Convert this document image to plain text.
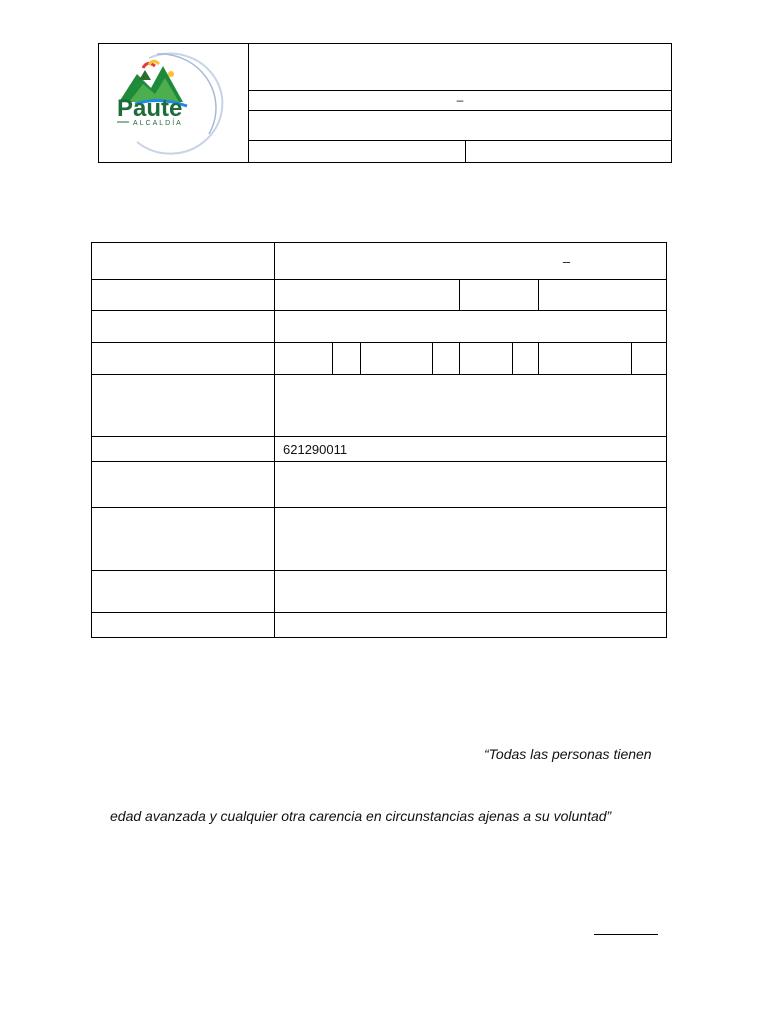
Paute
ALCALDÍA		

	–	

	–							

	621290011							

“Todas las personas tienen
edad avanzada y cualquier otra carencia en circunstancias ajenas a su voluntad”
